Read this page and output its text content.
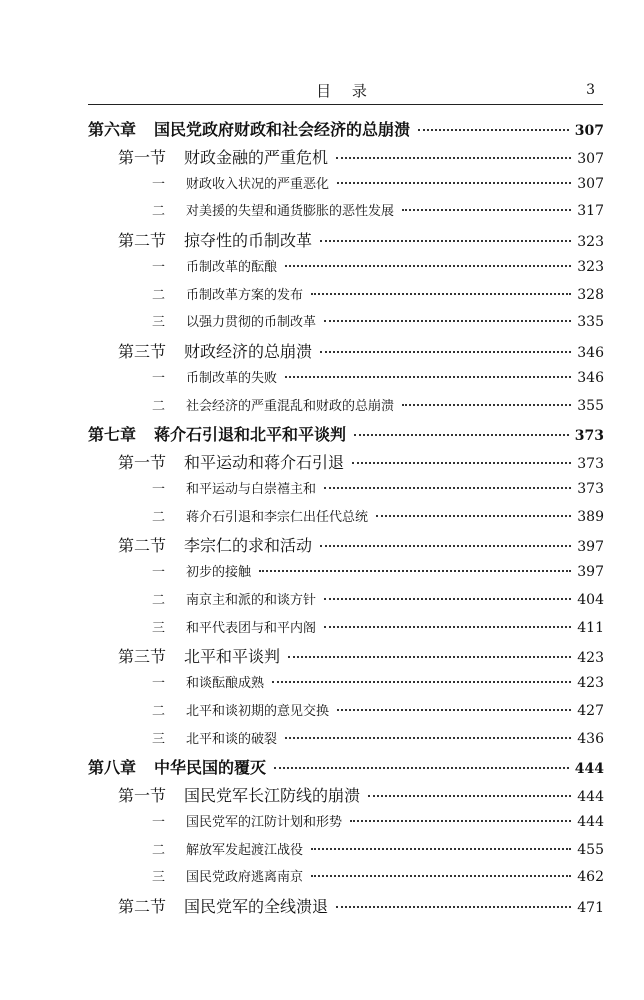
目 录	3
第六章 国民党政府财政和社会经济的总崩溃	307
第一节 财政金融的严重危机	307
一	财政收入状况的严重恶化	307
二	对美援的失望和通货膨胀的恶性发展	317
第二节 掠夺性的币制改革	323
一	币制改革的酝酿	323
二	币制改革方案的发布	328
三	以强力贯彻的币制改革	335
第三节 财政经济的总崩溃	346
一	币制改革的失败	346
二	社会经济的严重混乱和财政的总崩溃	355
第七章 蒋介石引退和北平和平谈判	373
第一节 和平运动和蒋介石引退	373
一	和平运动与白崇禧主和	373
二	蒋介石引退和李宗仁出任代总统	389
第二节 李宗仁的求和活动	397
一	初步的接触	397
二	南京主和派的和谈方针	404
三	和平代表团与和平内阁	411
第三节 北平和平谈判	423
一	和谈酝酿成熟	423
二	北平和谈初期的意见交换	427
三	北平和谈的破裂	436
第八章 中华民国的覆灭	444
第一节 国民党军长江防线的崩溃	444
一	国民党军的江防计划和形势	444
二	解放军发起渡江战役	455
三	国民党政府逃离南京	462
第二节 国民党军的全线溃退	471
